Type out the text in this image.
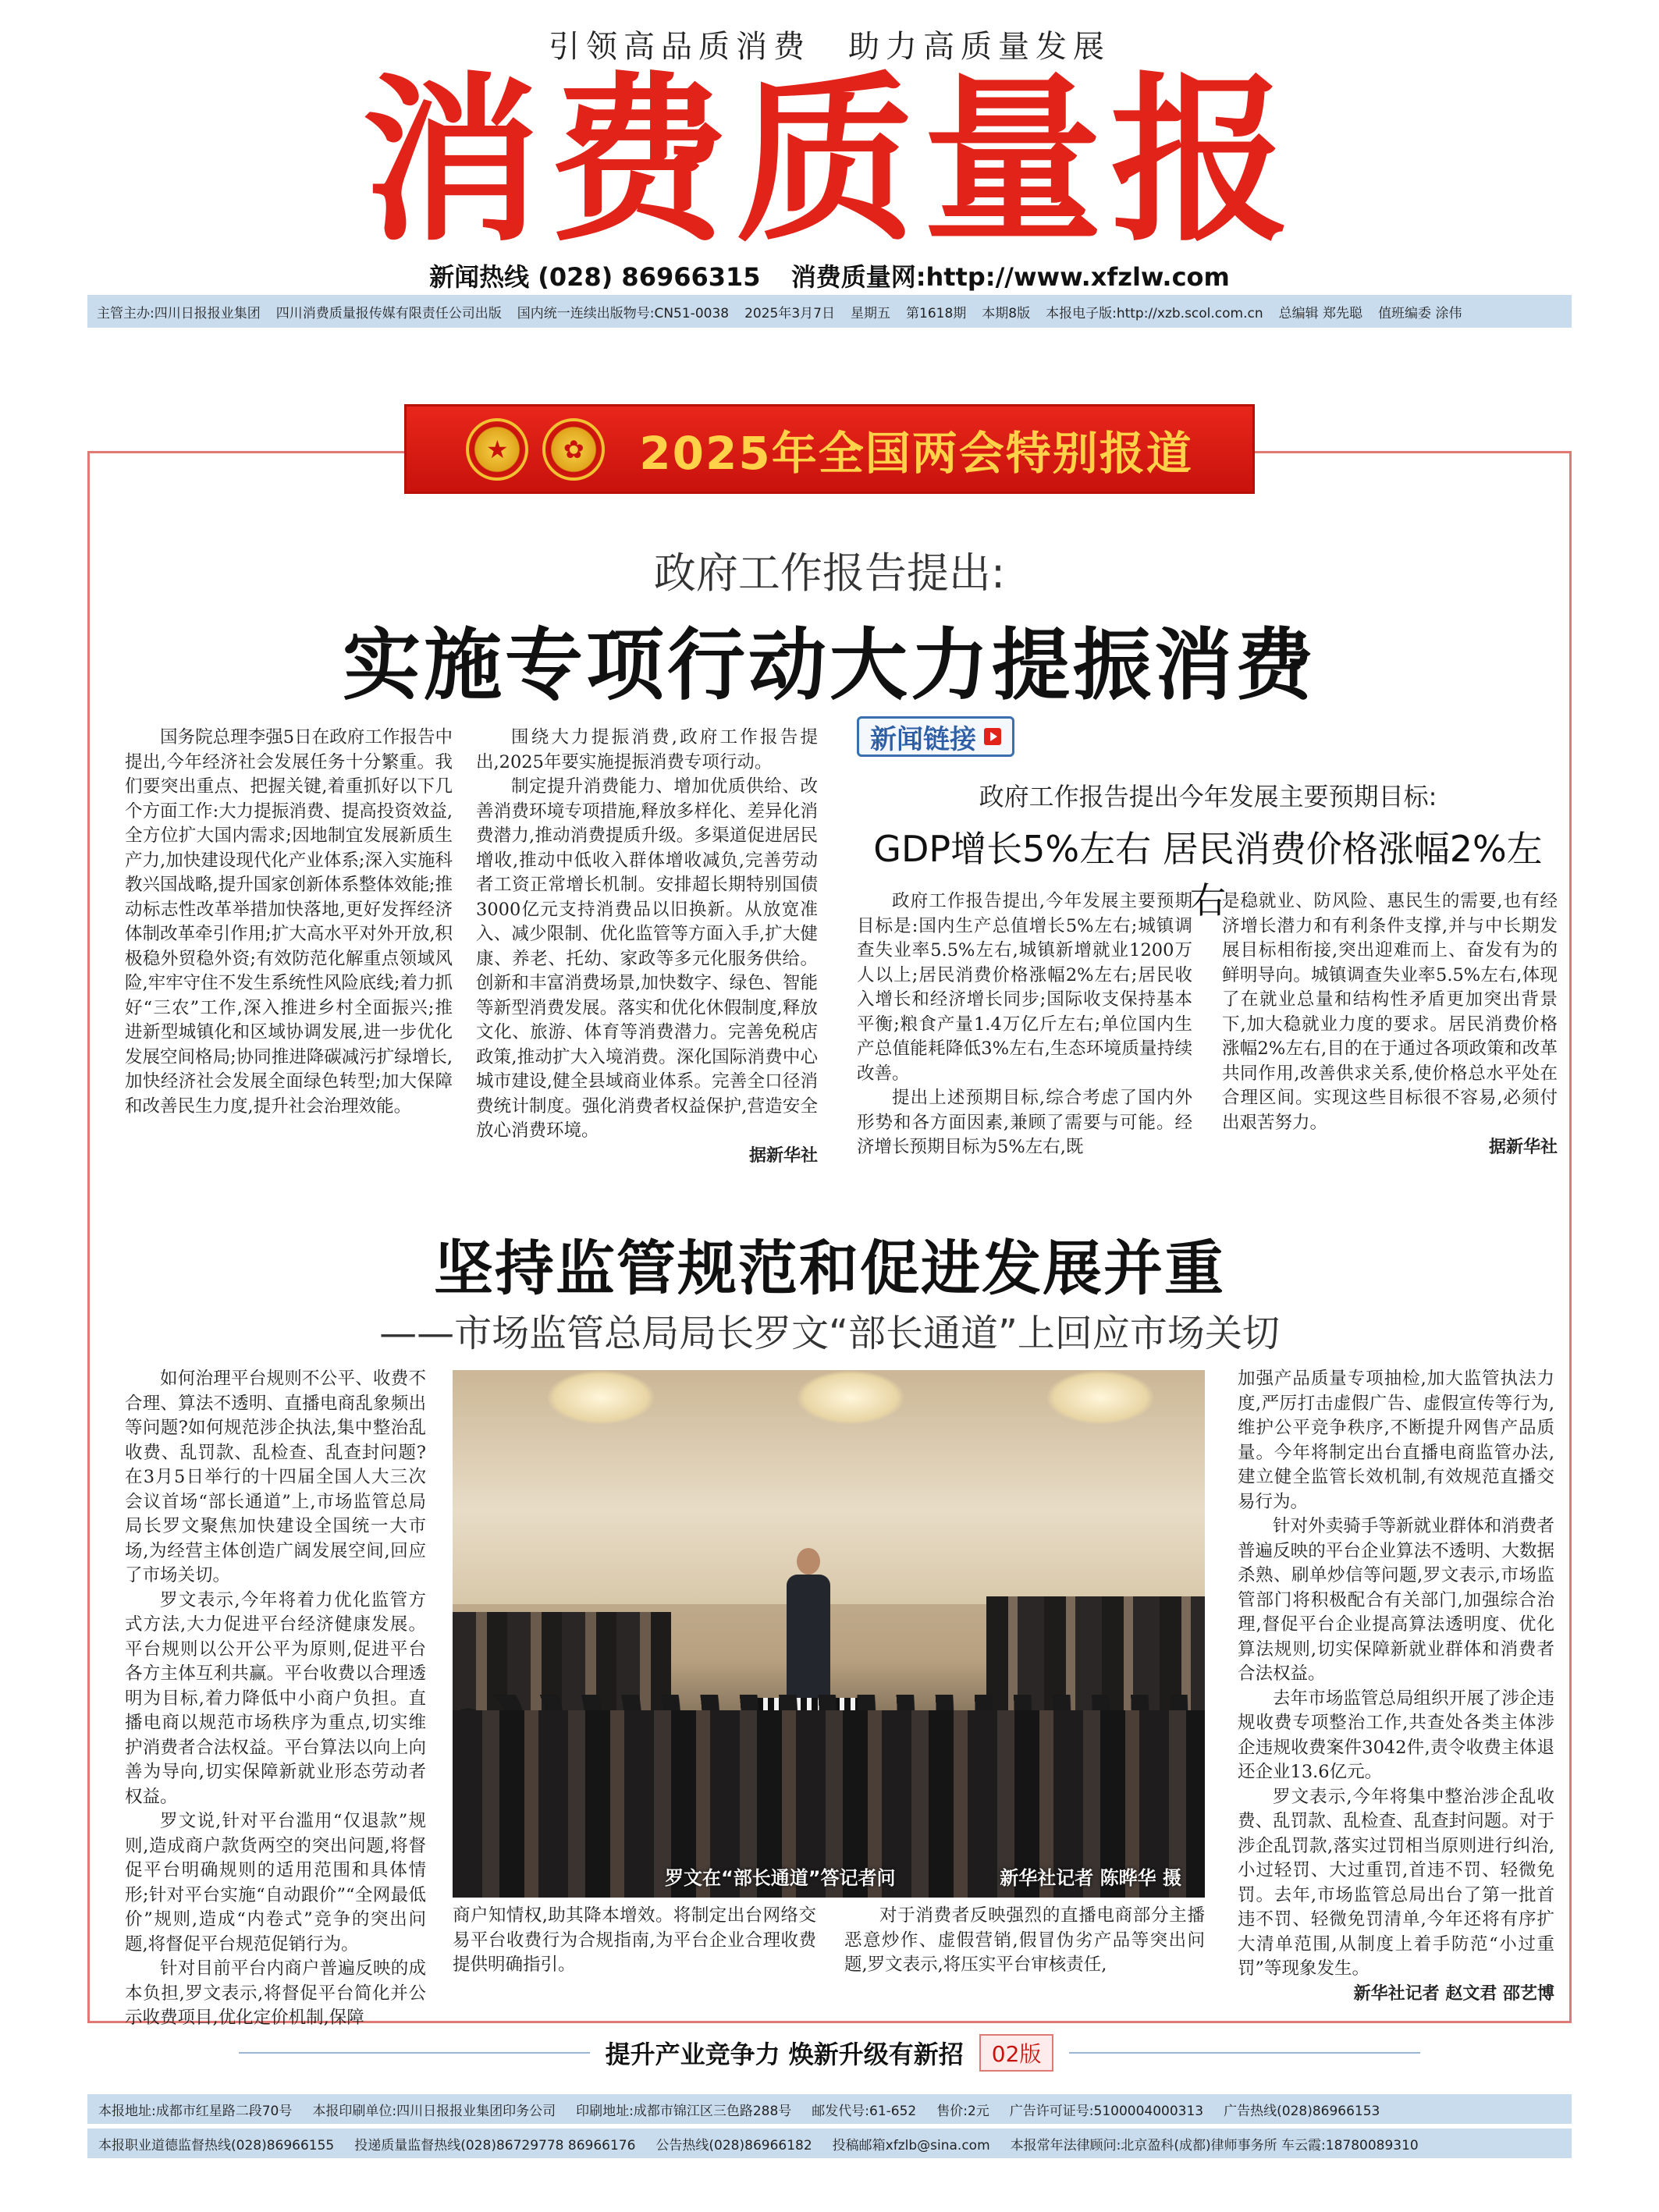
引领高品质消费　助力高质量发展
消费质量报
新闻热线 (028) 86966315 消费质量网:http://www.xfzlw.com
主管主办:四川日报报业集团 四川消费质量报传媒有限责任公司出版 国内统一连续出版物号:CN51-0038 2025年3月7日 星期五 第1618期 本期8版 本报电子版:http://xzb.scol.com.cn 总编辑 郑先聪 值班编委 涂伟
★	✿	2025年全国两会特别报道
政府工作报告提出:
实施专项行动大力提振消费

国务院总理李强5日在政府工作报告中提出,今年经济社会发展任务十分繁重。我们要突出重点、把握关键,着重抓好以下几个方面工作:大力提振消费、提高投资效益,全方位扩大国内需求;因地制宜发展新质生产力,加快建设现代化产业体系;深入实施科教兴国战略,提升国家创新体系整体效能;推动标志性改革举措加快落地,更好发挥经济体制改革牵引作用;扩大高水平对外开放,积极稳外贸稳外资;有效防范化解重点领域风险,牢牢守住不发生系统性风险底线;着力抓好“三农”工作,深入推进乡村全面振兴;推进新型城镇化和区域协调发展,进一步优化发展空间格局;协同推进降碳减污扩绿增长,加快经济社会发展全面绿色转型;加大保障和改善民生力度,提升社会治理效能。

围绕大力提振消费,政府工作报告提出,2025年要实施提振消费专项行动。

制定提升消费能力、增加优质供给、改善消费环境专项措施,释放多样化、差异化消费潜力,推动消费提质升级。多渠道促进居民增收,推动中低收入群体增收减负,完善劳动者工资正常增长机制。安排超长期特别国债3000亿元支持消费品以旧换新。从放宽准入、减少限制、优化监管等方面入手,扩大健康、养老、托幼、家政等多元化服务供给。创新和丰富消费场景,加快数字、绿色、智能等新型消费发展。落实和优化休假制度,释放文化、旅游、体育等消费潜力。完善免税店政策,推动扩大入境消费。深化国际消费中心城市建设,健全县域商业体系。完善全口径消费统计制度。强化消费者权益保护,营造安全放心消费环境。

据新华社
新闻链接
政府工作报告提出今年发展主要预期目标:
GDP增长5%左右 居民消费价格涨幅2%左右

政府工作报告提出,今年发展主要预期目标是:国内生产总值增长5%左右;城镇调查失业率5.5%左右,城镇新增就业1200万人以上;居民消费价格涨幅2%左右;居民收入增长和经济增长同步;国际收支保持基本平衡;粮食产量1.4万亿斤左右;单位国内生产总值能耗降低3%左右,生态环境质量持续改善。

提出上述预期目标,综合考虑了国内外形势和各方面因素,兼顾了需要与可能。经济增长预期目标为5%左右,既

是稳就业、防风险、惠民生的需要,也有经济增长潜力和有利条件支撑,并与中长期发展目标相衔接,突出迎难而上、奋发有为的鲜明导向。城镇调查失业率5.5%左右,体现了在就业总量和结构性矛盾更加突出背景下,加大稳就业力度的要求。居民消费价格涨幅2%左右,目的在于通过各项政策和改革共同作用,改善供求关系,使价格总水平处在合理区间。实现这些目标很不容易,必须付出艰苦努力。

据新华社
坚持监管规范和促进发展并重
——市场监管总局局长罗文“部长通道”上回应市场关切

如何治理平台规则不公平、收费不合理、算法不透明、直播电商乱象频出等问题?如何规范涉企执法,集中整治乱收费、乱罚款、乱检查、乱查封问题?在3月5日举行的十四届全国人大三次会议首场“部长通道”上,市场监管总局局长罗文聚焦加快建设全国统一大市场,为经营主体创造广阔发展空间,回应了市场关切。

罗文表示,今年将着力优化监管方式方法,大力促进平台经济健康发展。平台规则以公开公平为原则,促进平台各方主体互利共赢。平台收费以合理透明为目标,着力降低中小商户负担。直播电商以规范市场秩序为重点,切实维护消费者合法权益。平台算法以向上向善为导向,切实保障新就业形态劳动者权益。

罗文说,针对平台滥用“仅退款”规则,造成商户款货两空的突出问题,将督促平台明确规则的适用范围和具体情形;针对平台实施“自动跟价”“全网最低价”规则,造成“内卷式”竞争的突出问题,将督促平台规范促销行为。

针对目前平台内商户普遍反映的成本负担,罗文表示,将督促平台简化并公示收费项目,优化定价机制,保障

罗文在“部长通道”答记者问	新华社记者 陈晔华 摄

商户知情权,助其降本增效。将制定出台网络交易平台收费行为合规指南,为平台企业合理收费提供明确指引。

对于消费者反映强烈的直播电商部分主播恶意炒作、虚假营销,假冒伪劣产品等突出问题,罗文表示,将压实平台审核责任,

加强产品质量专项抽检,加大监管执法力度,严厉打击虚假广告、虚假宣传等行为,维护公平竞争秩序,不断提升网售产品质量。今年将制定出台直播电商监管办法,建立健全监管长效机制,有效规范直播交易行为。

针对外卖骑手等新就业群体和消费者普遍反映的平台企业算法不透明、大数据杀熟、刷单炒信等问题,罗文表示,市场监管部门将积极配合有关部门,加强综合治理,督促平台企业提高算法透明度、优化算法规则,切实保障新就业群体和消费者合法权益。

去年市场监管总局组织开展了涉企违规收费专项整治工作,共查处各类主体涉企违规收费案件3042件,责令收费主体退还企业13.6亿元。

罗文表示,今年将集中整治涉企乱收费、乱罚款、乱检查、乱查封问题。对于涉企乱罚款,落实过罚相当原则进行纠治,小过轻罚、大过重罚,首违不罚、轻微免罚。去年,市场监管总局出台了第一批首违不罚、轻微免罚清单,今年还将有序扩大清单范围,从制度上着手防范“小过重罚”等现象发生。

新华社记者 赵文君 邵艺博
提升产业竞争力 焕新升级有新招	02版
本报地址:成都市红星路二段70号 本报印刷单位:四川日报报业集团印务公司 印刷地址:成都市锦江区三色路288号 邮发代号:61-652 售价:2元 广告许可证号:5100004000313 广告热线(028)86966153
本报职业道德监督热线(028)86966155 投递质量监督热线(028)86729778 86966176 公告热线(028)86966182 投稿邮箱xfzlb@sina.com 本报常年法律顾问:北京盈科(成都)律师事务所 车云霞:18780089310
